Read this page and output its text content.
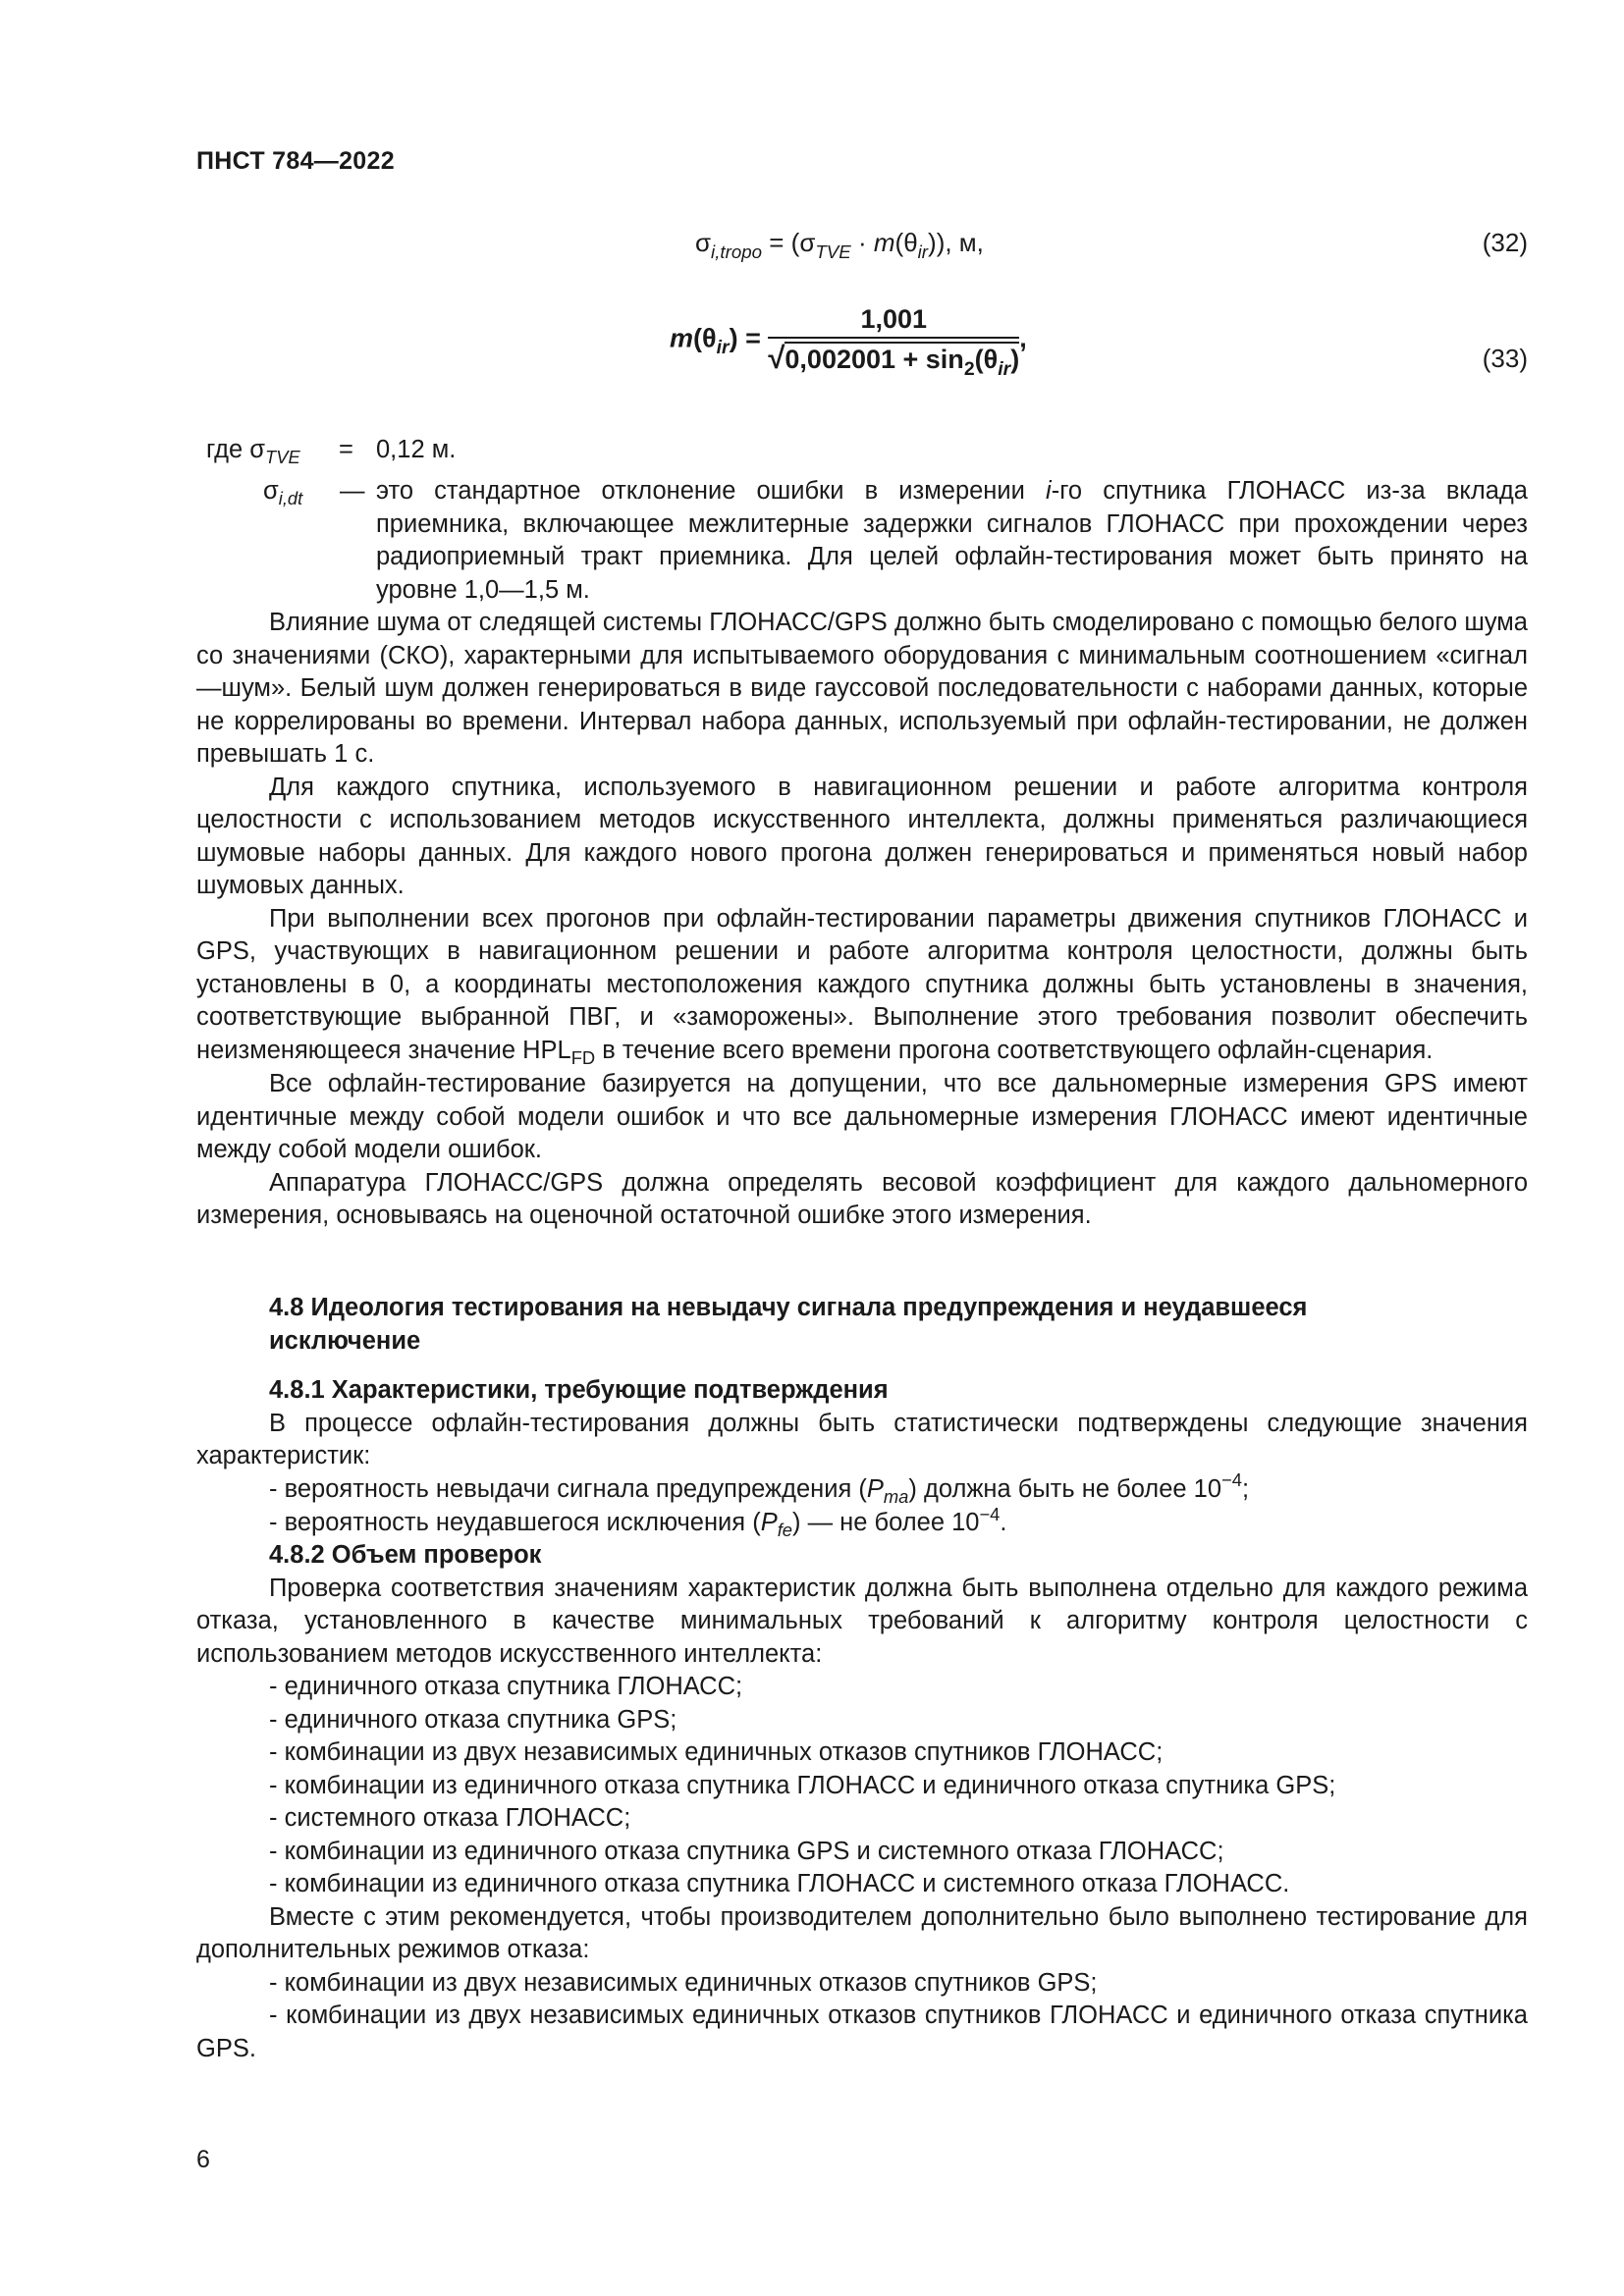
ПНСТ 784—2022
$\sigma_{i,tropo} = (\sigma_{TVE} \cdot m(\theta_{ir}))$, м,	(32)
$m(\theta_{ir}) = \frac{1,001}{√0,002001 + \sin_2(\theta_{ir})}$ ,
(33)
где $\sigma_{TVE} = 0,12$ м.
$\sigma_{i,dt}$ — это стандартное отклонение ошибки в измерении i-го спутника ГЛОНАСС из-за вклада приемника, включающее межлитерные задержки сигналов ГЛОНАСС при прохождении через радиоприемный тракт приемника. Для целей офлайн-тестирования может быть принято на уровне 1,0—1,5 м.

Влияние шума от следящей системы ГЛОНАСС/GPS должно быть смоделировано с помощью белого шума со значениями (СКО), характерными для испытываемого оборудования с минимальным соотношением «сигнал—шум». Белый шум должен генерироваться в виде гауссовой последовательности с наборами данных, которые не коррелированы во времени. Интервал набора данных, используемый при офлайн-тестировании, не должен превышать 1 с.

Для каждого спутника, используемого в навигационном решении и работе алгоритма контроля целостности с использованием методов искусственного интеллекта, должны применяться различающиеся шумовые наборы данных. Для каждого нового прогона должен генерироваться и применяться новый набор шумовых данных.

При выполнении всех прогонов при офлайн-тестировании параметры движения спутников ГЛОНАСС и GPS, участвующих в навигационном решении и работе алгоритма контроля целостности, должны быть установлены в 0, а координаты местоположения каждого спутника должны быть установлены в значения, соответствующие выбранной ПВГ, и «заморожены». Выполнение этого требования позволит обеспечить неизменяющееся значение $HPL_{FD}$ в течение всего времени прогона соответствующего офлайн-сценария.

Все офлайн-тестирование базируется на допущении, что все дальномерные измерения GPS имеют идентичные между собой модели ошибок и что все дальномерные измерения ГЛОНАСС имеют идентичные между собой модели ошибок.

Аппаратура ГЛОНАСС/GPS должна определять весовой коэффициент для каждого дальномерного измерения, основываясь на оценочной остаточной ошибке этого измерения.

4.8 Идеология тестирования на невыдачу сигнала предупреждения и неудавшееся

исключение

4.8.1 Характеристики, требующие подтверждения

В процессе офлайн-тестирования должны быть статистически подтверждены следующие значения характеристик:

- вероятность невыдачи сигнала предупреждения $(P_{ma})$ должна быть не более $10^{-4}$;

- вероятность неудавшегося исключения $(P_{fe})$ — не более $10^{-4}$.

4.8.2 Объем проверок

Проверка соответствия значениям характеристик должна быть выполнена отдельно для каждого режима отказа, установленного в качестве минимальных требований к алгоритму контроля целостности с использованием методов искусственного интеллекта:

- единичного отказа спутника ГЛОНАСС;

- единичного отказа спутника GPS;

- комбинации из двух независимых единичных отказов спутников ГЛОНАСС;

- комбинации из единичного отказа спутника ГЛОНАСС и единичного отказа спутника GPS;

- системного отказа ГЛОНАСС;

- комбинации из единичного отказа спутника GPS и системного отказа ГЛОНАСС;

- комбинации из единичного отказа спутника ГЛОНАСС и системного отказа ГЛОНАСС.

Вместе с этим рекомендуется, чтобы производителем дополнительно было выполнено тестирование для дополнительных режимов отказа:

- комбинации из двух независимых единичных отказов спутников GPS;

- комбинации из двух независимых единичных отказов спутников ГЛОНАСС и единичного отказа спутника GPS.

6
